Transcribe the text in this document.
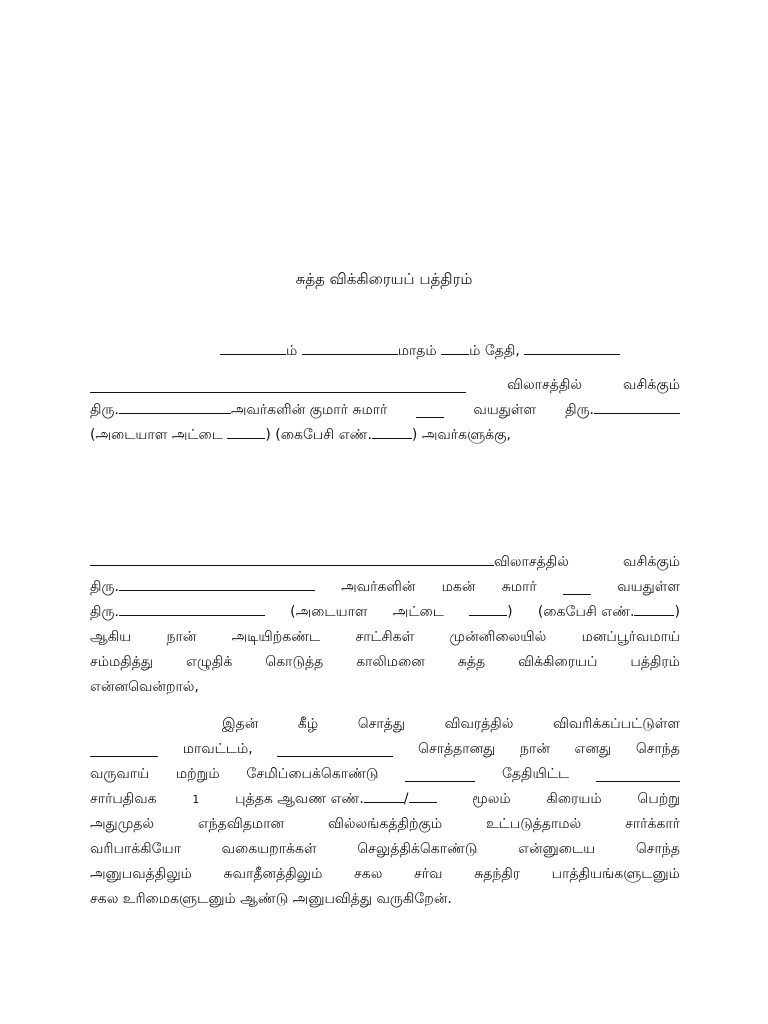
சுத்த விக்கிரையப் பத்திரம்
ம்	மாதம் ம் தேதி,
விலாசத்தில்	வசிக்கும்
திரு.	அவர்களின் குமார் சுமார்	வயதுள்ள திரு.
(அடையாள அட்டை	) (கைபேசி எண்.	) அவர்களுக்கு,
விலாசத்தில்	வசிக்கும்
திரு.	அவர்களின் மகன் சுமார்	வயதுள்ள
திரு.	(அடையாள அட்டை	) (கைபேசி எண்.	)
ஆகிய	நான்	அடியிற்கண்ட	சாட்சிகள்	முன்னிலையில்	மனப்பூர்வமாய்
சம்மதித்து எழுதிக் கொடுத்த காலிமனை சுத்த விக்கிரையப் பத்திரம்
என்னவென்றால்,
இதன்	கீழ்	சொத்து	விவரத்தில்	விவரிக்கப்பட்டுள்ள
மாவட்டம்,	சொத்தானது நான் எனது சொந்த
வருவாய் மற்றும் சேமிப்பைக்கொண்டு	தேதியிட்ட
சார்பதிவக	1	புத்தக ஆவண எண்.	/	மூலம்	கிரையம்	பெற்று
அதுமுதல்	எந்தவிதமான	வில்லங்கத்திற்கும்	உட்படுத்தாமல்	சார்க்கார்
வரிபாக்கியோ	வகையறாக்கள்	செலுத்திக்கொண்டு	என்னுடைய	சொந்த
அனுபவத்திலும் சுவாதீனத்திலும் சகல சர்வ சுதந்திர பாத்தியங்களுடனும்
சகல உரிமைகளுடனும் ஆண்டு அனுபவித்து வருகிறேன்.
